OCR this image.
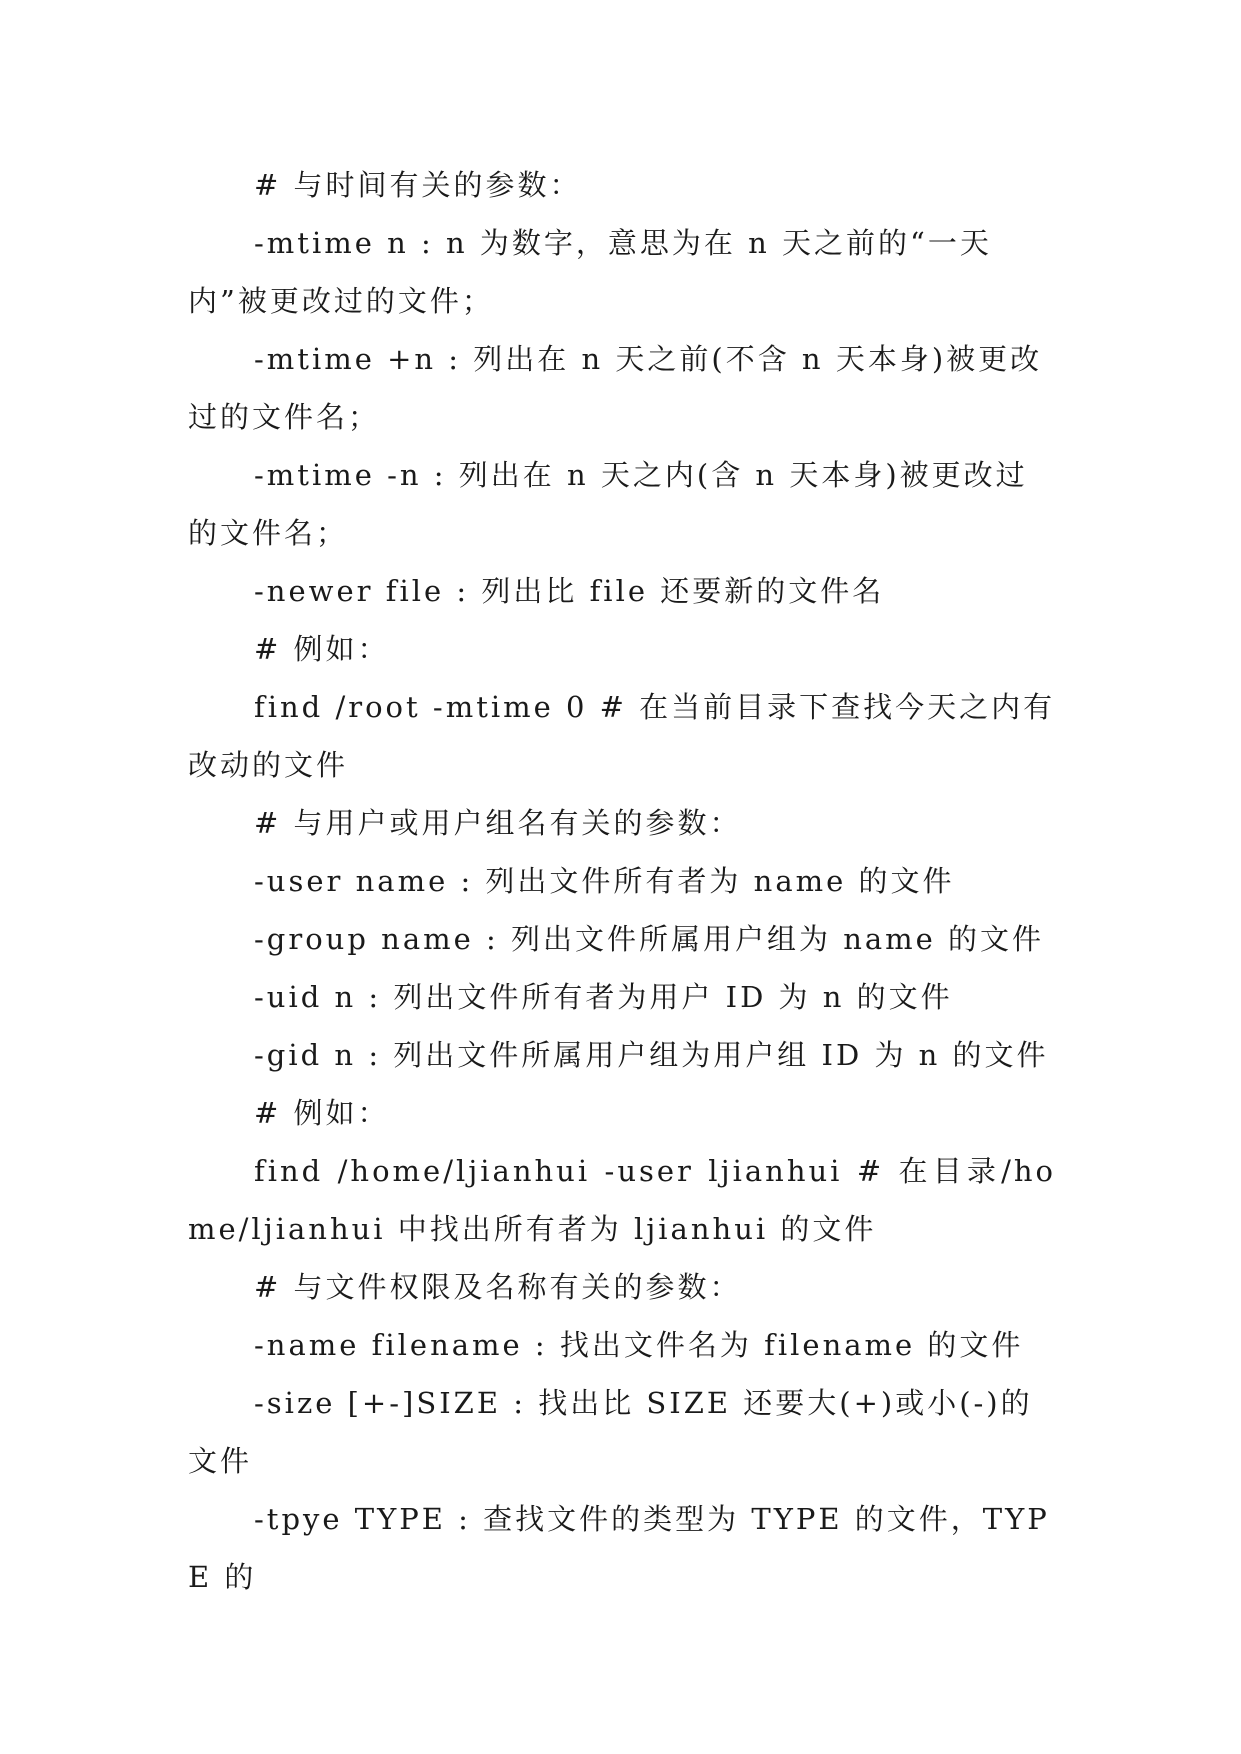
# 与时间有关的参数：

-mtime n : n 为数字，意思为在 n 天之前的“一天内”被更改过的文件；

-mtime +n : 列出在 n 天之前(不含 n 天本身)被更改过的文件名；

-mtime -n : 列出在 n 天之内(含 n 天本身)被更改过的文件名；

-newer file : 列出比 file 还要新的文件名

# 例如：

find /root -mtime 0 # 在当前目录下查找今天之内有改动的文件

# 与用户或用户组名有关的参数：

-user name : 列出文件所有者为 name 的文件

-group name : 列出文件所属用户组为 name 的文件

-uid n : 列出文件所有者为用户 ID 为 n 的文件

-gid n : 列出文件所属用户组为用户组 ID 为 n 的文件

# 例如：

find /home/ljianhui -user ljianhui # 在目录/home/ljianhui 中找出所有者为 ljianhui 的文件

# 与文件权限及名称有关的参数：

-name filename : 找出文件名为 filename 的文件

-size [+-]SIZE : 找出比 SIZE 还要大(+)或小(-)的文件

-tpye TYPE : 查找文件的类型为 TYPE 的文件，TYPE 的
